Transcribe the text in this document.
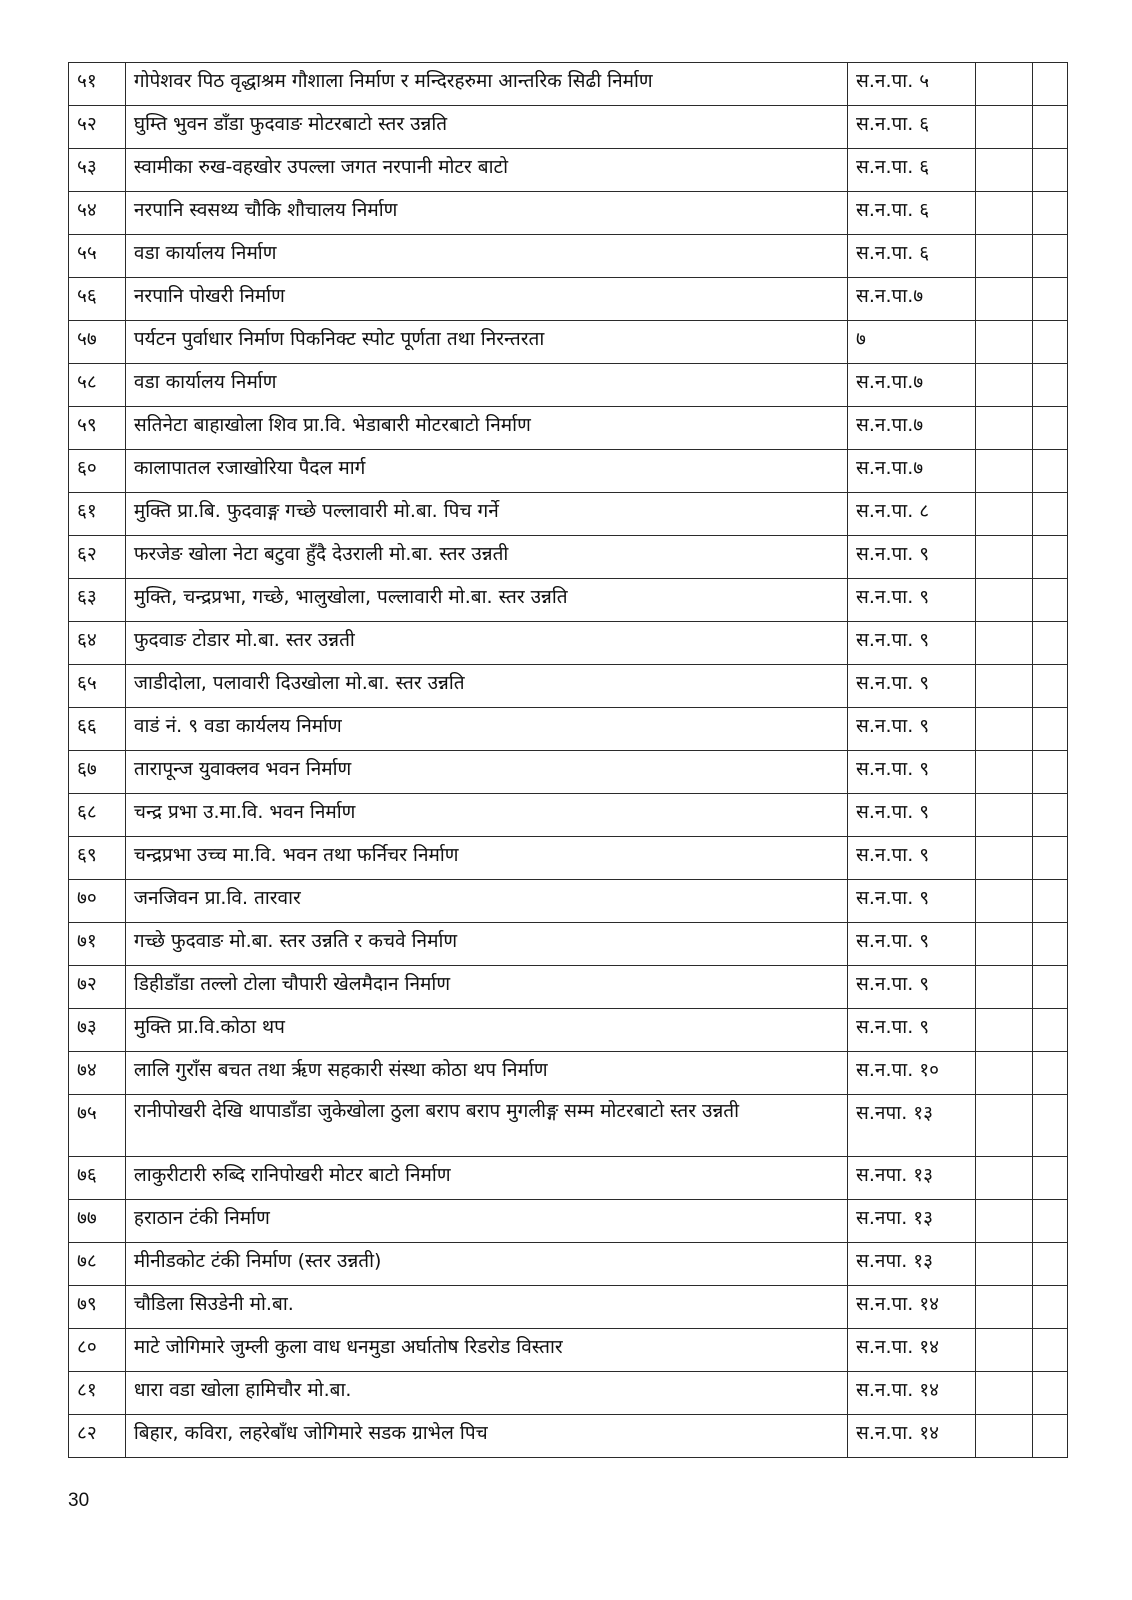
५१	गोपेशवर पिठ वृद्धाश्रम गौशाला निर्माण र मन्दिरहरुमा आन्तरिक सिढी निर्माण	स.न.पा. ५		
५२	घुम्ति भुवन डाँडा फुदवाङ मोटरबाटो स्तर उन्नति	स.न.पा. ६		
५३	स्वामीका रुख-वहखोर उपल्ला जगत नरपानी मोटर बाटो	स.न.पा. ६		
५४	नरपानि स्वसथ्य चौकि शौचालय निर्माण	स.न.पा. ६		
५५	वडा कार्यालय निर्माण	स.न.पा. ६		
५६	नरपानि पोखरी निर्माण	स.न.पा.७		
५७	पर्यटन पुर्वाधार निर्माण पिकनिक्ट स्पोट पूर्णता तथा निरन्तरता	७		
५८	वडा कार्यालय निर्माण	स.न.पा.७		
५९	सतिनेटा बाहाखोला शिव प्रा.वि. भेडाबारी मोटरबाटो निर्माण	स.न.पा.७		
६०	कालापातल रजाखोरिया पैदल मार्ग	स.न.पा.७		
६१	मुक्ति प्रा.बि. फुदवाङ्ग गच्छे पल्लावारी मो.बा. पिच गर्ने	स.न.पा. ८		
६२	फरजेङ खोला नेटा बटुवा हुँदै देउराली मो.बा. स्तर उन्नती	स.न.पा. ९		
६३	मुक्ति, चन्द्रप्रभा, गच्छे, भालुखोला, पल्लावारी मो.बा. स्तर उन्नति	स.न.पा. ९		
६४	फुदवाङ टोडार मो.बा. स्तर उन्नती	स.न.पा. ९		
६५	जाडीदोला, पलावारी दिउखोला मो.बा. स्तर उन्नति	स.न.पा. ९		
६६	वाडं नं. ९ वडा कार्यलय निर्माण	स.न.पा. ९		
६७	तारापून्ज युवाक्लव भवन निर्माण	स.न.पा. ९		
६८	चन्द्र प्रभा उ.मा.वि. भवन निर्माण	स.न.पा. ९		
६९	चन्द्रप्रभा उच्च मा.वि. भवन तथा फर्निचर निर्माण	स.न.पा. ९		
७०	जनजिवन प्रा.वि. तारवार	स.न.पा. ९		
७१	गच्छे फुदवाङ मो.बा. स्तर उन्नति र कचवे निर्माण	स.न.पा. ९		
७२	डिहीडाँडा तल्लो टोला चौपारी खेलमैदान निर्माण	स.न.पा. ९		
७३	मुक्ति प्रा.वि.कोठा थप	स.न.पा. ९		
७४	लालि गुराँस बचत तथा ऋृण सहकारी संस्था कोठा थप निर्माण	स.न.पा. १०		
७५	रानीपोखरी देखि थापाडाँडा जुकेखोला ठुला बराप बराप मुगलीङ्ग सम्म मोटरबाटो स्तर उन्नती	स.नपा. १३		
७६	लाकुरीटारी रुब्दि रानिपोखरी मोटर बाटो निर्माण	स.नपा. १३		
७७	हराठान टंकी निर्माण	स.नपा. १३		
७८	मीनीडकोट टंकी निर्माण (स्तर उन्नती)	स.नपा. १३		
७९	चौडिला सिउडेनी मो.बा.	स.न.पा. १४		
८०	माटे जोगिमारे जुम्ली कुला वाध धनमुडा अर्घातोष रिडरोड विस्तार	स.न.पा. १४		
८१	धारा वडा खोला हामिचौर मो.बा.	स.न.पा. १४		
८२	बिहार, कविरा, लहरेबाँध जोगिमारे सडक ग्राभेल पिच	स.न.पा. १४		
30
